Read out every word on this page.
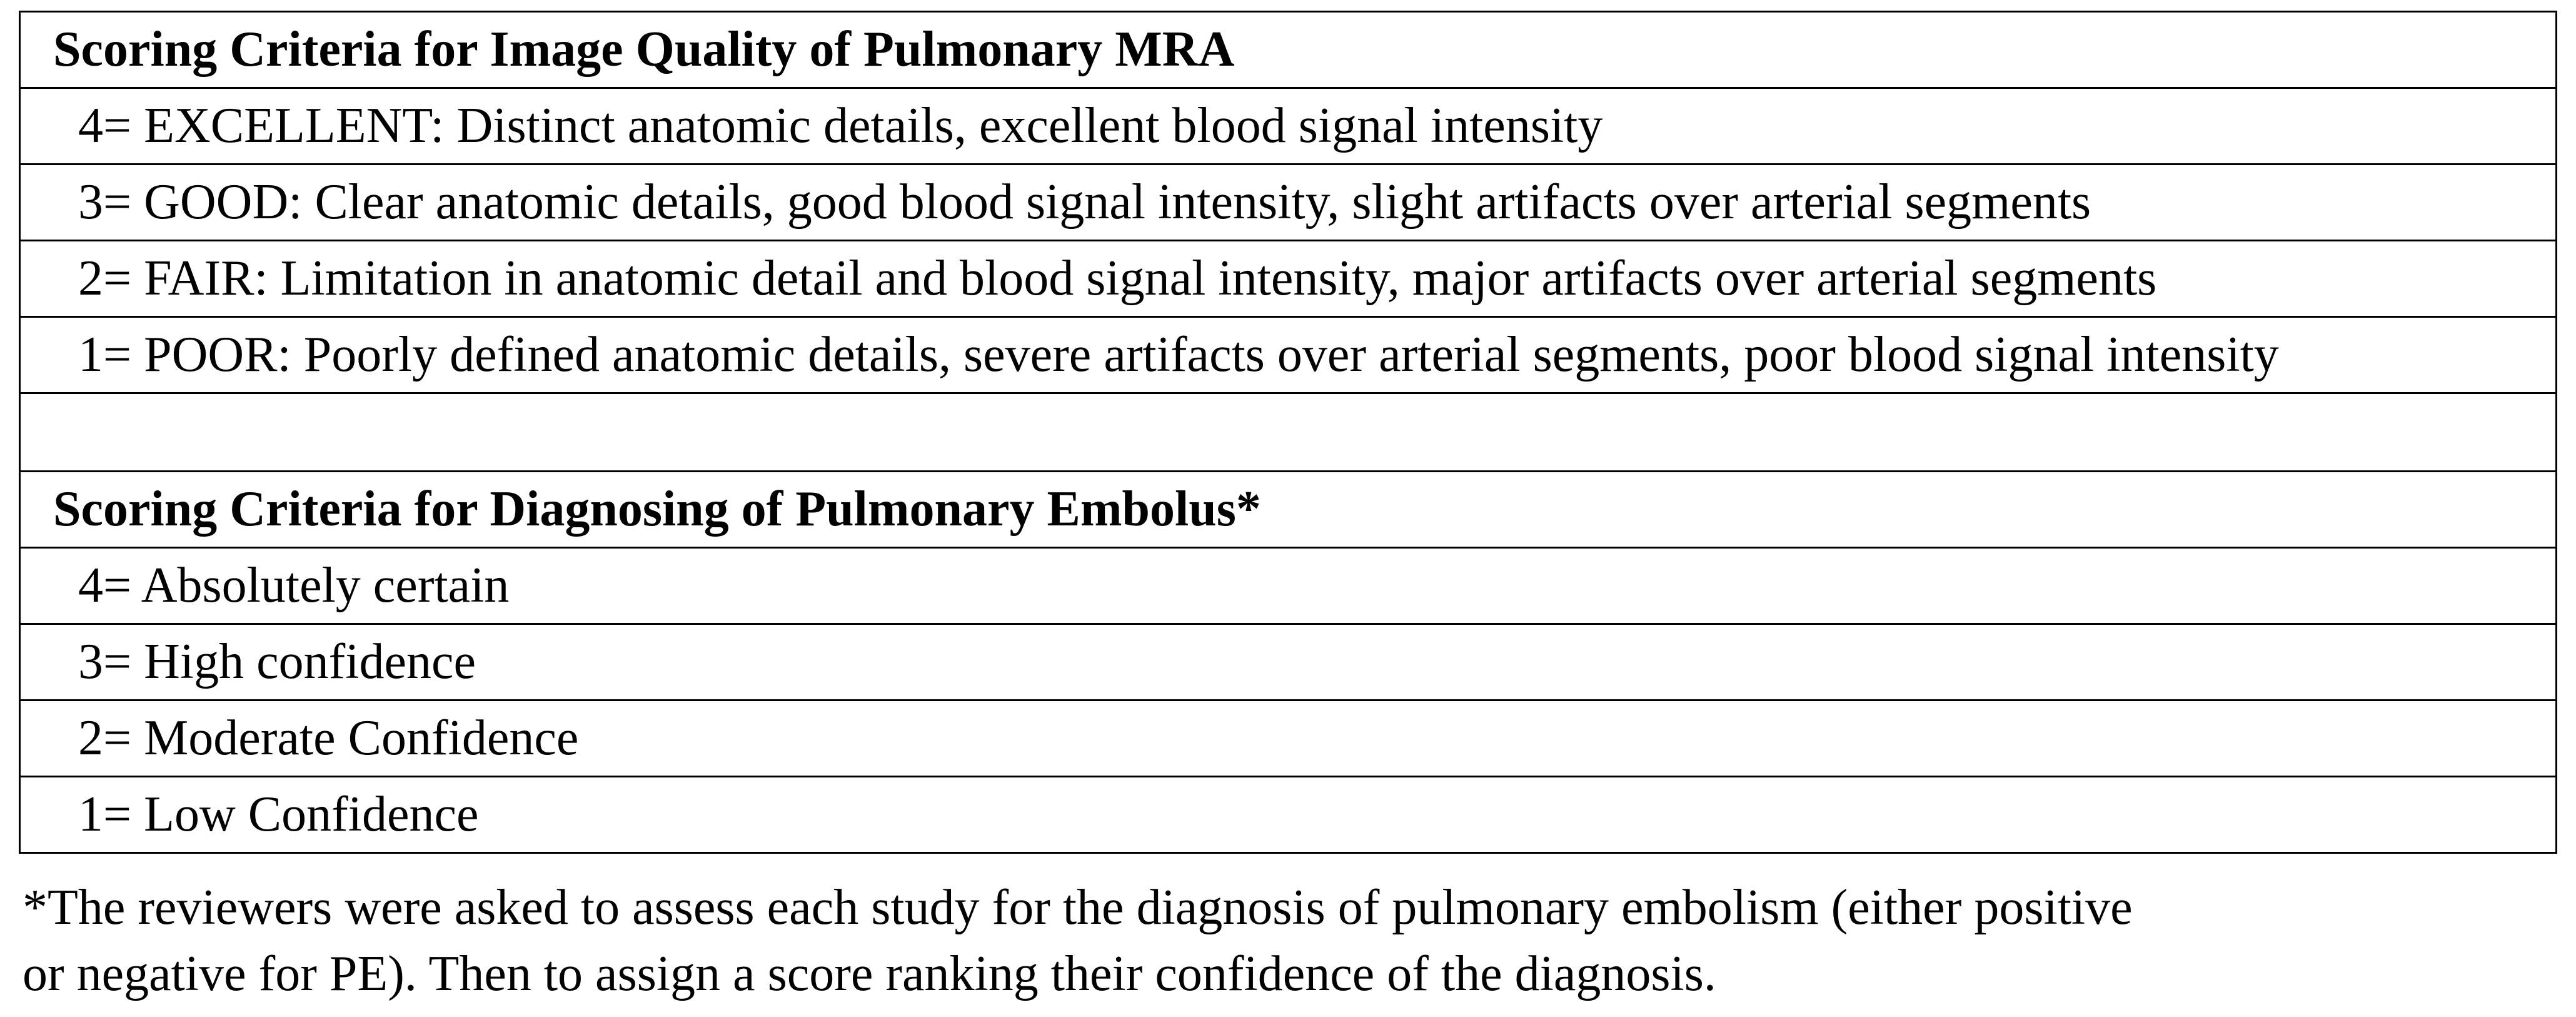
Scoring Criteria for Image Quality of Pulmonary MRA
4= EXCELLENT: Distinct anatomic details, excellent blood signal intensity
3= GOOD: Clear anatomic details, good blood signal intensity, slight artifacts over arterial segments
2= FAIR: Limitation in anatomic detail and blood signal intensity, major artifacts over arterial segments
1= POOR: Poorly defined anatomic details, severe artifacts over arterial segments, poor blood signal intensity

Scoring Criteria for Diagnosing of Pulmonary Embolus*
4= Absolutely certain
3= High confidence
2= Moderate Confidence
1= Low Confidence

*The reviewers were asked to assess each study for the diagnosis of pulmonary embolism (either positive

or negative for PE). Then to assign a score ranking their confidence of the diagnosis.
